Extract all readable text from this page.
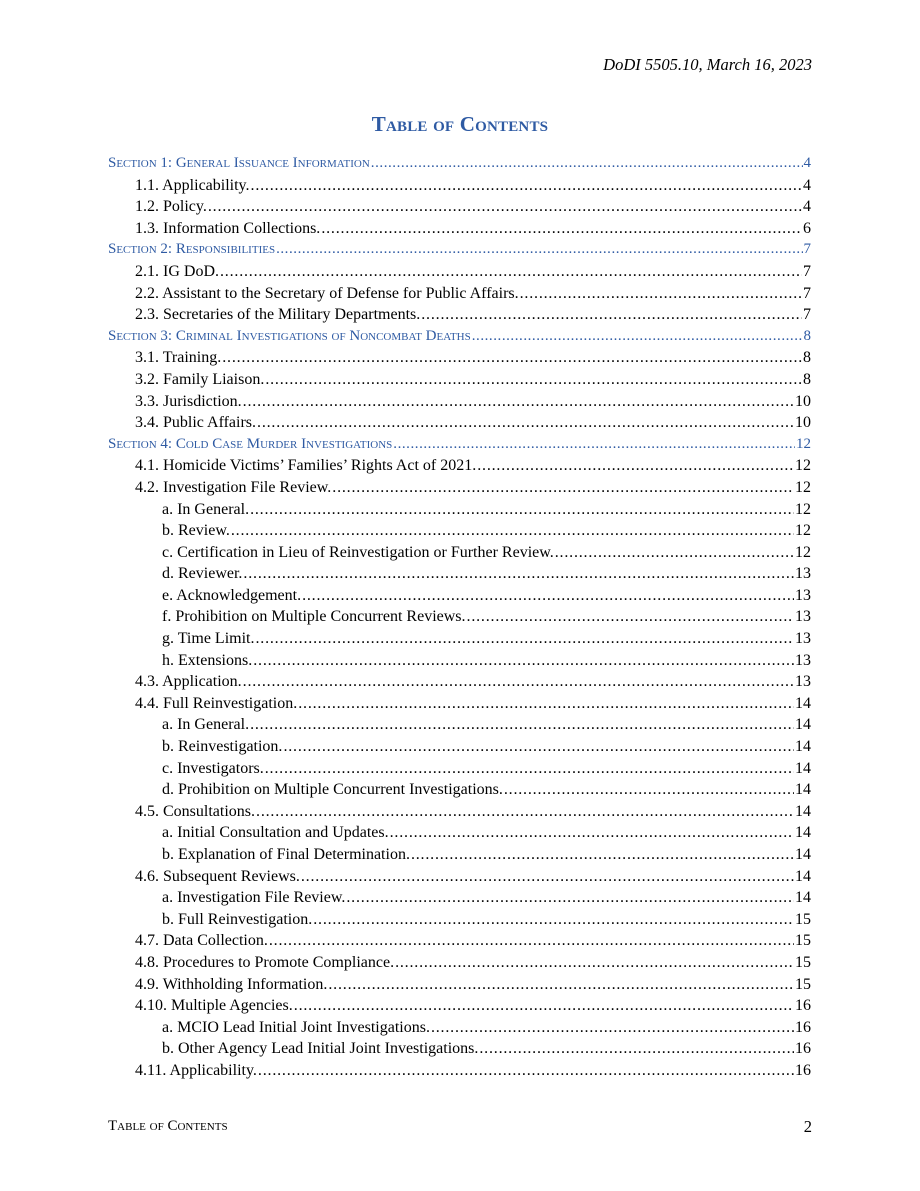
DoDI 5505.10, March 16, 2023
Table of Contents
Section 1: General Issuance Information . . .	4
1.1. Applicability. . . .	4
1.2. Policy. . . .	4
1.3. Information Collections. . . .	6
Section 2: Responsibilities . . .	7
2.1. IG DoD. . . .	7
2.2. Assistant to the Secretary of Defense for Public Affairs. . . .	7
2.3. Secretaries of the Military Departments. . . .	7
Section 3: Criminal Investigations of Noncombat Deaths . . .	8
3.1. Training. . . .	8
3.2. Family Liaison. . . .	8
3.3. Jurisdiction. . . .	10
3.4. Public Affairs. . . .	10
Section 4: Cold Case Murder Investigations . . .	12
4.1. Homicide Victims’ Families’ Rights Act of 2021. . . .	12
4.2. Investigation File Review. . . .	12
a. In General. . . .	12
b. Review. . . .	12
c. Certification in Lieu of Reinvestigation or Further Review. . . .	12
d. Reviewer. . . .	13
e. Acknowledgement. . . .	13
f. Prohibition on Multiple Concurrent Reviews. . . .	13
g. Time Limit. . . .	13
h. Extensions. . . .	13
4.3. Application. . . .	13
4.4. Full Reinvestigation. . . .	14
a. In General. . . .	14
b. Reinvestigation. . . .	14
c. Investigators. . . .	14
d. Prohibition on Multiple Concurrent Investigations. . . .	14
4.5. Consultations. . . .	14
a. Initial Consultation and Updates. . . .	14
b. Explanation of Final Determination. . . .	14
4.6. Subsequent Reviews. . . .	14
a. Investigation File Review. . . .	14
b. Full Reinvestigation. . . .	15
4.7. Data Collection. . . .	15
4.8. Procedures to Promote Compliance. . . .	15
4.9. Withholding Information. . . .	15
4.10. Multiple Agencies. . . .	16
a. MCIO Lead Initial Joint Investigations. . . .	16
b. Other Agency Lead Initial Joint Investigations. . . .	16
4.11. Applicability. . . .	16
Table of Contents	2
